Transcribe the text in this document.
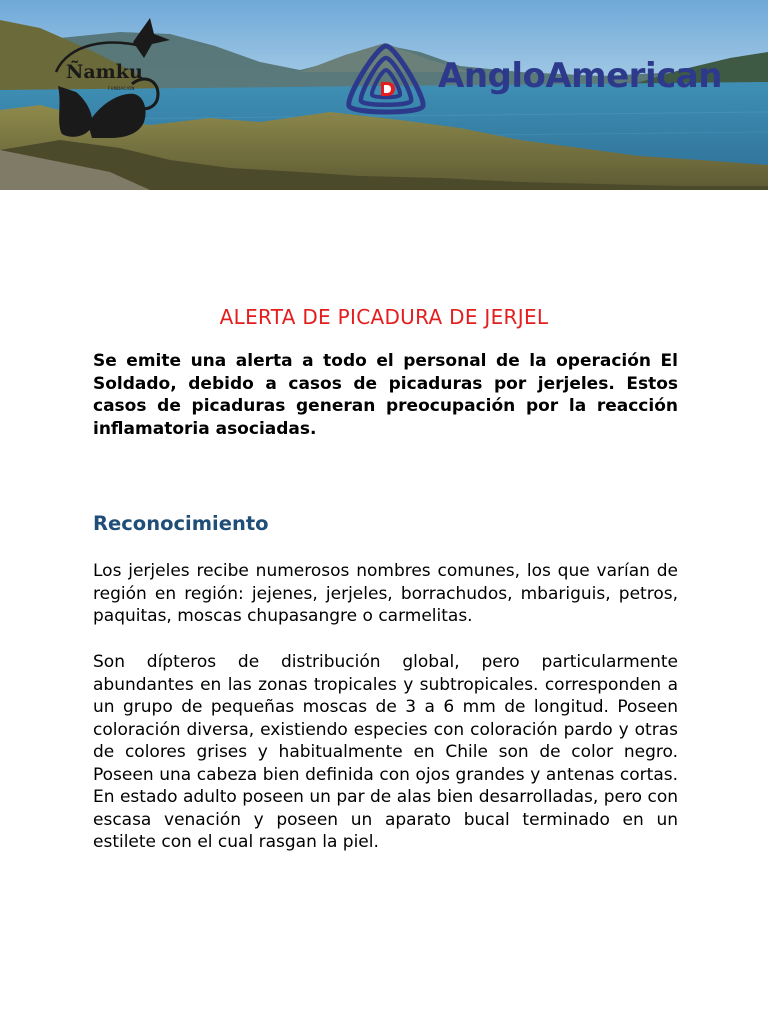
Ñamku
FUNDACIÓN	AngloAmerican
ALERTA DE PICADURA DE JERJEL

Se emite una alerta a todo el personal de la operación El Soldado, debido a casos de picaduras por jerjeles. Estos casos de picaduras generan preocupación por la reacción inflamatoria asociadas.

Reconocimiento

Los jerjeles recibe numerosos nombres comunes, los que varían de región en región: jejenes, jerjeles, borrachudos, mbariguis, petros, paquitas, moscas chupasangre o carmelitas.

Son dípteros de distribución global, pero particularmente abundantes en las zonas tropicales y subtropicales. corresponden a un grupo de pequeñas moscas de 3 a 6 mm de longitud. Poseen coloración diversa, existiendo especies con coloración pardo y otras de colores grises y habitualmente en Chile son de color negro. Poseen una cabeza bien definida con ojos grandes y antenas cortas. En estado adulto poseen un par de alas bien desarrolladas, pero con escasa venación y poseen un aparato bucal terminado en un estilete con el cual rasgan la piel.
